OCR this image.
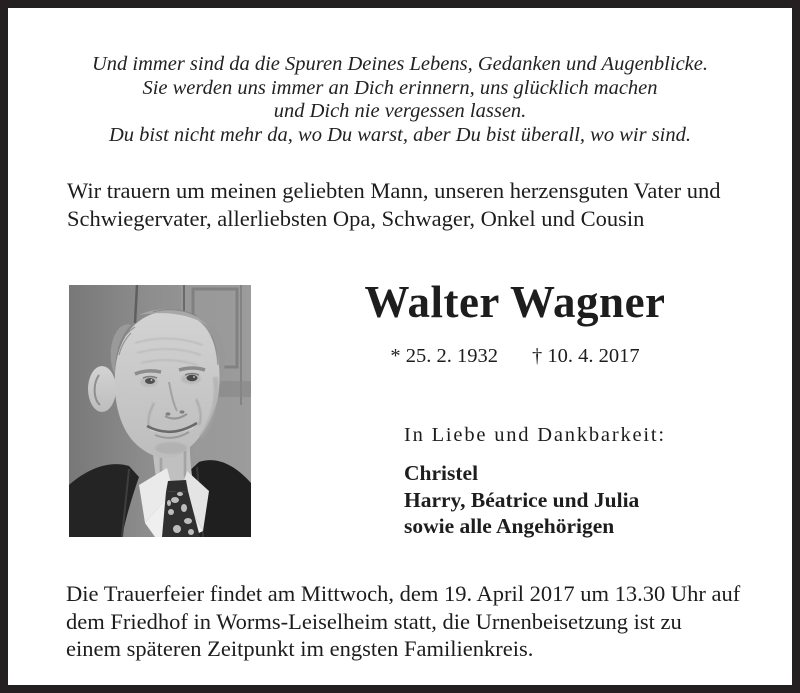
Und immer sind da die Spuren Deines Lebens, Gedanken und Augenblicke.
Sie werden uns immer an Dich erinnern, uns glücklich machen
und Dich nie vergessen lassen.
Du bist nicht mehr da, wo Du warst, aber Du bist überall, wo wir sind.
Wir trauern um meinen geliebten Mann, unseren herzensguten Vater und
Schwiegervater, allerliebsten Opa, Schwager, Onkel und Cousin
Walter Wagner
* 25. 2. 1932 † 10. 4. 2017
In Liebe und Dankbarkeit:
Christel
Harry, Béatrice und Julia
sowie alle Angehörigen
Die Trauerfeier findet am Mittwoch, dem 19. April 2017 um 13.30 Uhr auf
dem Friedhof in Worms-Leiselheim statt, die Urnenbeisetzung ist zu
einem späteren Zeitpunkt im engsten Familienkreis.
